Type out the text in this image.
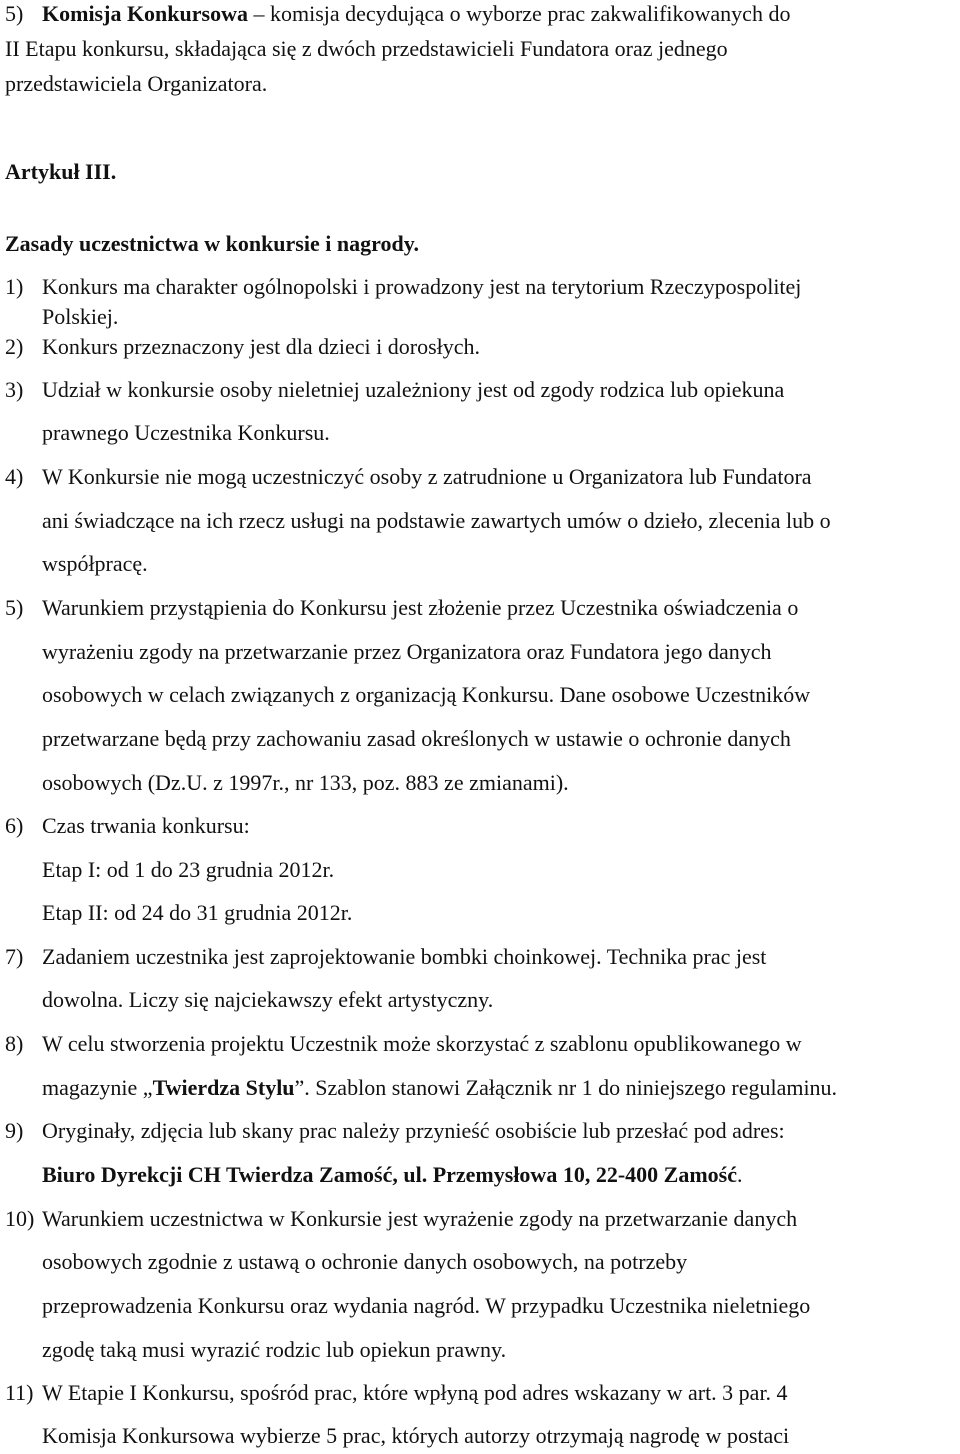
5) Komisja Konkursowa – komisja decydująca o wyborze prac zakwalifikowanych do
II Etapu konkursu, składająca się z dwóch przedstawicieli Fundatora oraz jednego
przedstawiciela Organizatora.
Artykuł III.
Zasady uczestnictwa w konkursie i nagrody.
1) Konkurs ma charakter ogólnopolski i prowadzony jest na terytorium Rzeczypospolitej
Polskiej.
2) Konkurs przeznaczony jest dla dzieci i dorosłych.
3) Udział w konkursie osoby nieletniej uzależniony jest od zgody rodzica lub opiekuna
prawnego Uczestnika Konkursu.
4) W Konkursie nie mogą uczestniczyć osoby z zatrudnione u Organizatora lub Fundatora
ani świadczące na ich rzecz usługi na podstawie zawartych umów o dzieło, zlecenia lub o
współpracę.
5) Warunkiem przystąpienia do Konkursu jest złożenie przez Uczestnika oświadczenia o
wyrażeniu zgody na przetwarzanie przez Organizatora oraz Fundatora jego danych
osobowych w celach związanych z organizacją Konkursu. Dane osobowe Uczestników
przetwarzane będą przy zachowaniu zasad określonych w ustawie o ochronie danych
osobowych (Dz.U. z 1997r., nr 133, poz. 883 ze zmianami).
6) Czas trwania konkursu:
Etap I: od 1 do 23 grudnia 2012r.
Etap II: od 24 do 31 grudnia 2012r.
7) Zadaniem uczestnika jest zaprojektowanie bombki choinkowej. Technika prac jest
dowolna. Liczy się najciekawszy efekt artystyczny.
8) W celu stworzenia projektu Uczestnik może skorzystać z szablonu opublikowanego w
magazynie „Twierdza Stylu”. Szablon stanowi Załącznik nr 1 do niniejszego regulaminu.
9) Oryginały, zdjęcia lub skany prac należy przynieść osobiście lub przesłać pod adres:
Biuro Dyrekcji CH Twierdza Zamość, ul. Przemysłowa 10, 22-400 Zamość.
10) Warunkiem uczestnictwa w Konkursie jest wyrażenie zgody na przetwarzanie danych
osobowych zgodnie z ustawą o ochronie danych osobowych, na potrzeby
przeprowadzenia Konkursu oraz wydania nagród. W przypadku Uczestnika nieletniego
zgodę taką musi wyrazić rodzic lub opiekun prawny.
11) W Etapie I Konkursu, spośród prac, które wpłyną pod adres wskazany w art. 3 par. 4
Komisja Konkursowa wybierze 5 prac, których autorzy otrzymają nagrodę w postaci
